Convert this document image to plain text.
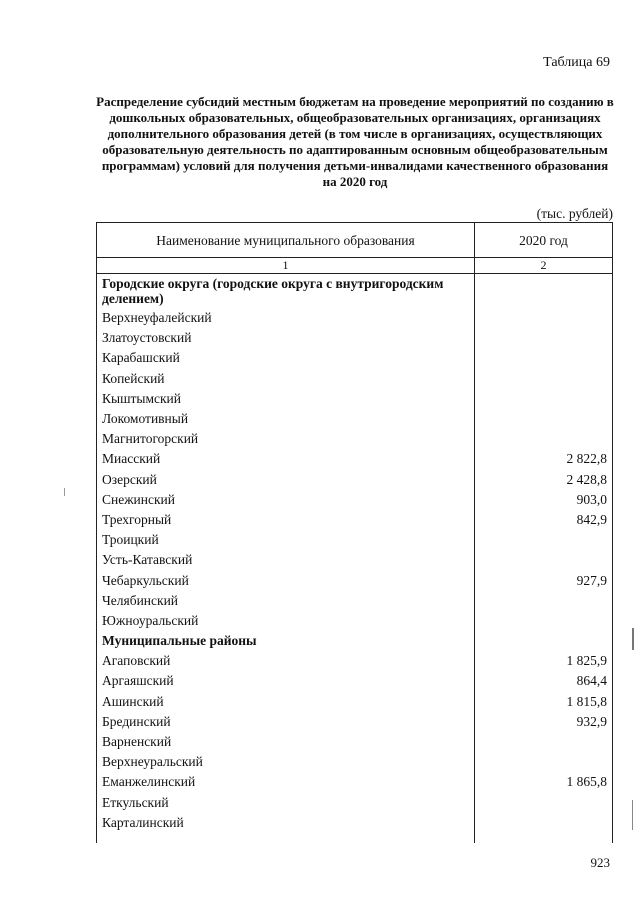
Таблица 69
Распределение субсидий местным бюджетам на проведение мероприятий по созданию в дошкольных образовательных, общеобразовательных организациях, организациях дополнительного образования детей (в том числе в организациях, осуществляющих образовательную деятельность по адаптированным основным общеобразовательным программам) условий для получения детьми-инвалидами качественного образования на 2020 год
(тыс. рублей)
Наименование муниципального образования	2020 год
1	2
Городские округа (городские округа с внутригородским делением)	
Верхнеуфалейский	
Златоустовский	
Карабашский	
Копейский	
Кыштымский	
Локомотивный	
Магнитогорский	
Миасский	2 822,8
Озерский	2 428,8
Снежинский	903,0
Трехгорный	842,9
Троицкий	
Усть-Катавский	
Чебаркульский	927,9
Челябинский	
Южноуральский	
Муниципальные районы	
Агаповский	1 825,9
Аргаяшский	864,4
Ашинский	1 815,8
Брединский	932,9
Варненский	
Верхнеуральский	
Еманжелинский	1 865,8
Еткульский	
Карталинский	

923
